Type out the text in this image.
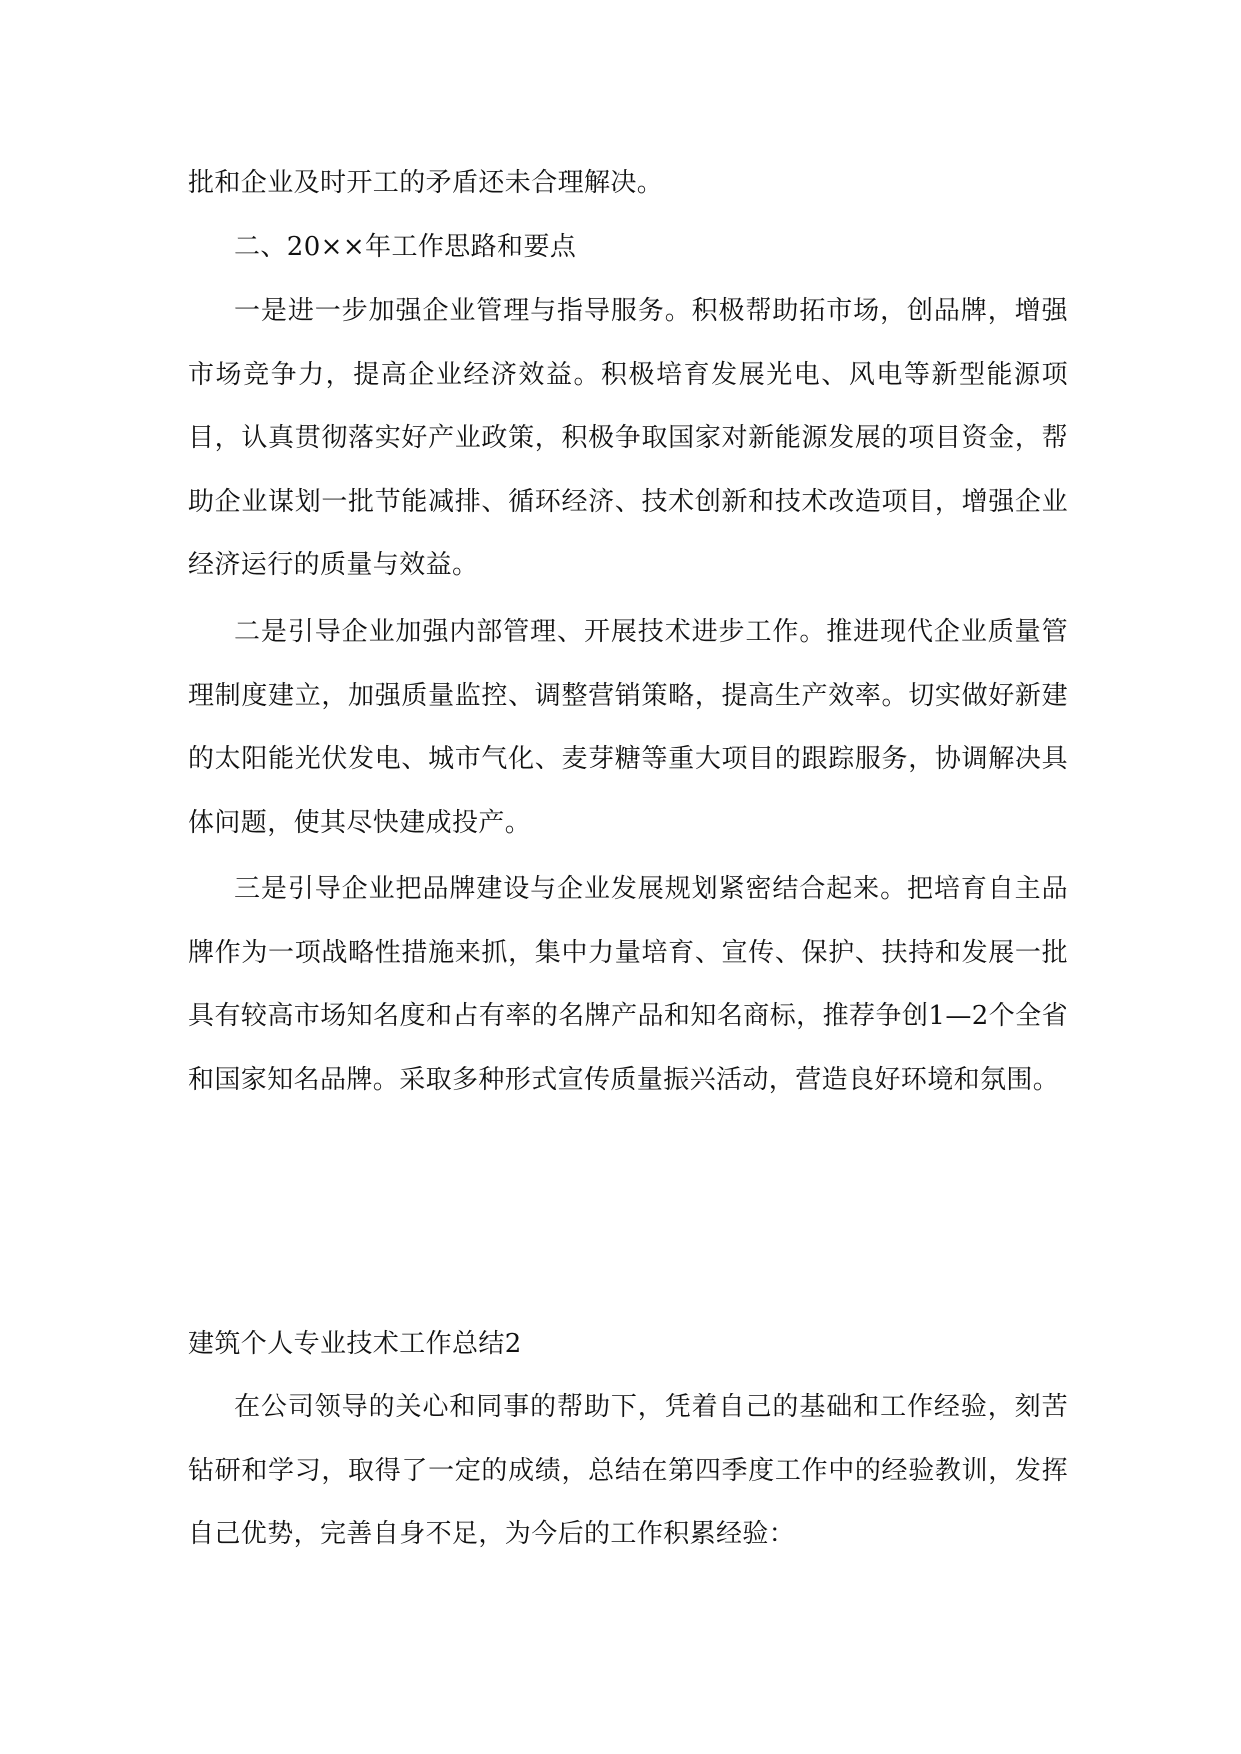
批和企业及时开工的矛盾还未合理解决。

二、20××年工作思路和要点

一是进一步加强企业管理与指导服务。积极帮助拓市场，创品牌，增强市场竞争力，提高企业经济效益。积极培育发展光电、风电等新型能源项目，认真贯彻落实好产业政策，积极争取国家对新能源发展的项目资金，帮助企业谋划一批节能减排、循环经济、技术创新和技术改造项目，增强企业经济运行的质量与效益。

二是引导企业加强内部管理、开展技术进步工作。推进现代企业质量管理制度建立，加强质量监控、调整营销策略，提高生产效率。切实做好新建的太阳能光伏发电、城市气化、麦芽糖等重大项目的跟踪服务，协调解决具体问题，使其尽快建成投产。

三是引导企业把品牌建设与企业发展规划紧密结合起来。把培育自主品牌作为一项战略性措施来抓，集中力量培育、宣传、保护、扶持和发展一批具有较高市场知名度和占有率的名牌产品和知名商标，推荐争创1—2个全省和国家知名品牌。采取多种形式宣传质量振兴活动，营造良好环境和氛围。

建筑个人专业技术工作总结2

在公司领导的关心和同事的帮助下，凭着自己的基础和工作经验，刻苦钻研和学习，取得了一定的成绩，总结在第四季度工作中的经验教训，发挥自己优势，完善自身不足，为今后的工作积累经验：
